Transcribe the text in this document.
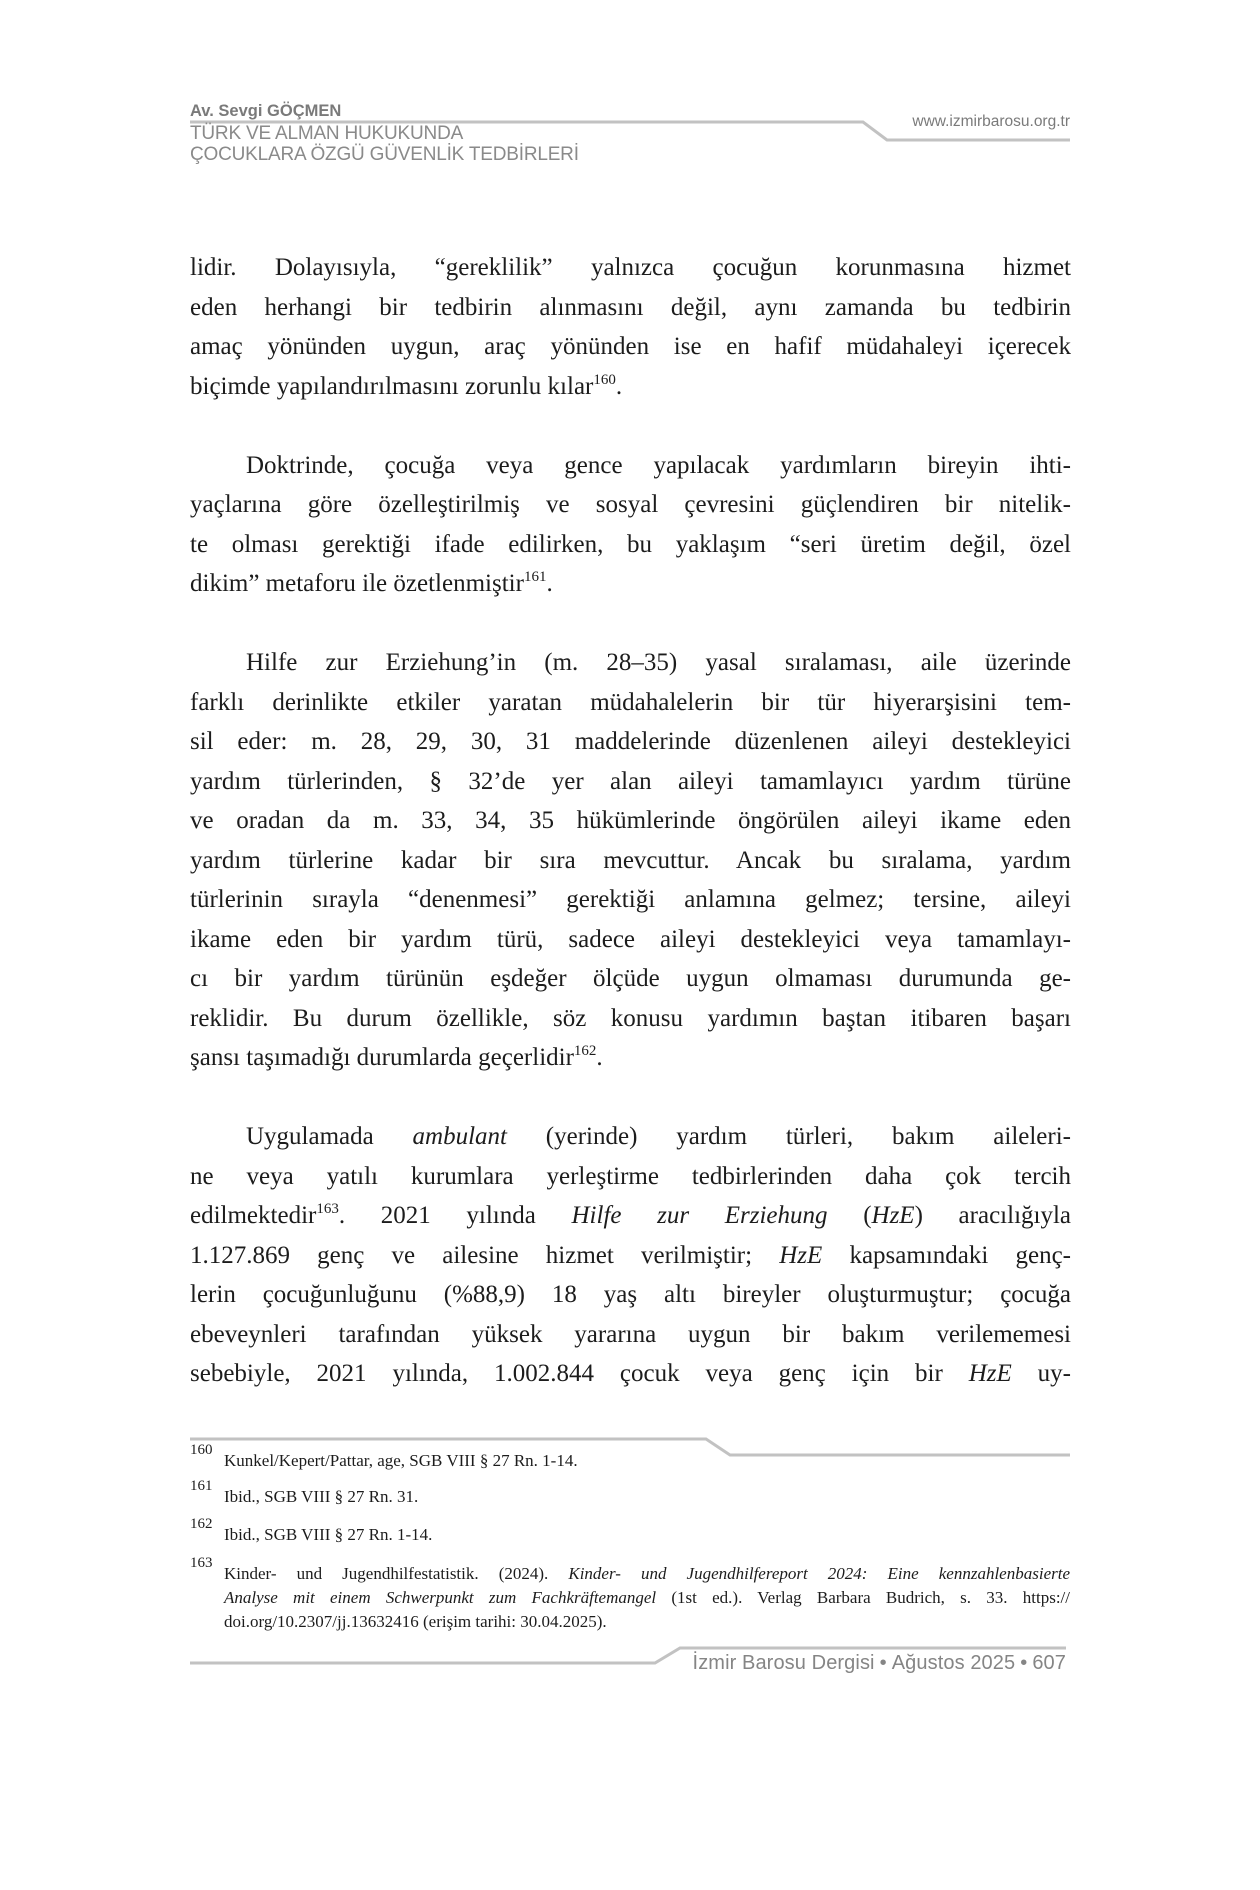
Av. Sevgi GÖÇMEN
www.izmirbarosu.org.tr
TÜRK VE ALMAN HUKUKUNDA
ÇOCUKLARA ÖZGÜ GÜVENLİK TEDBİRLERİ
lidir. Dolayısıyla, “gereklilik” yalnızca çocuğun korunmasına hizmet
eden herhangi bir tedbirin alınmasını değil, aynı zamanda bu tedbirin
amaç yönünden uygun, araç yönünden ise en hafif müdahaleyi içerecek
biçimde yapılandırılmasını zorunlu kılar$^{160}$.
Doktrinde, çocuğa veya gence yapılacak yardımların bireyin ihti-
yaçlarına göre özelleştirilmiş ve sosyal çevresini güçlendiren bir nitelik-
te olması gerektiği ifade edilirken, bu yaklaşım “seri üretim değil, özel
dikim” metaforu ile özetlenmiştir$^{161}$.
Hilfe zur Erziehung’in (m. 28–35) yasal sıralaması, aile üzerinde
farklı derinlikte etkiler yaratan müdahalelerin bir tür hiyerarşisini tem-
sil eder: m. 28, 29, 30, 31 maddelerinde düzenlenen aileyi destekleyici
yardım türlerinden, § 32’de yer alan aileyi tamamlayıcı yardım türüne
ve oradan da m. 33, 34, 35 hükümlerinde öngörülen aileyi ikame eden
yardım türlerine kadar bir sıra mevcuttur. Ancak bu sıralama, yardım
türlerinin sırayla “denenmesi” gerektiği anlamına gelmez; tersine, aileyi
ikame eden bir yardım türü, sadece aileyi destekleyici veya tamamlayı-
cı bir yardım türünün eşdeğer ölçüde uygun olmaması durumunda ge-
reklidir. Bu durum özellikle, söz konusu yardımın baştan itibaren başarı
şansı taşımadığı durumlarda geçerlidir$^{162}$.
Uygulamada ambulant (yerinde) yardım türleri, bakım aileleri-
ne veya yatılı kurumlara yerleştirme tedbirlerinden daha çok tercih
edilmektedir$^{163}$. 2021 yılında Hilfe zur Erziehung (HzE) aracılığıyla
1.127.869 genç ve ailesine hizmet verilmiştir; HzE kapsamındaki genç-
lerin çocuğunluğunu (%88,9) 18 yaş altı bireyler oluşturmuştur; çocuğa
ebeveynleri tarafından yüksek yararına uygun bir bakım verilememesi
sebebiyle, 2021 yılında, 1.002.844 çocuk veya genç için bir HzE uy-
160
Kunkel/Kepert/Pattar, age, SGB VIII § 27 Rn. 1-14.
161
Ibid., SGB VIII § 27 Rn. 31.
162
Ibid., SGB VIII § 27 Rn. 1-14.
163
Kinder- und Jugendhilfestatistik. (2024). Kinder- und Jugendhilfereport 2024: Eine kennzahlenbasierte
Analyse mit einem Schwerpunkt zum Fachkräftemangel (1st ed.). Verlag Barbara Budrich, s. 33. https://
doi.org/10.2307/jj.13632416 (erişim tarihi: 30.04.2025).
İzmir Barosu Dergisi • Ağustos 2025 • 607
